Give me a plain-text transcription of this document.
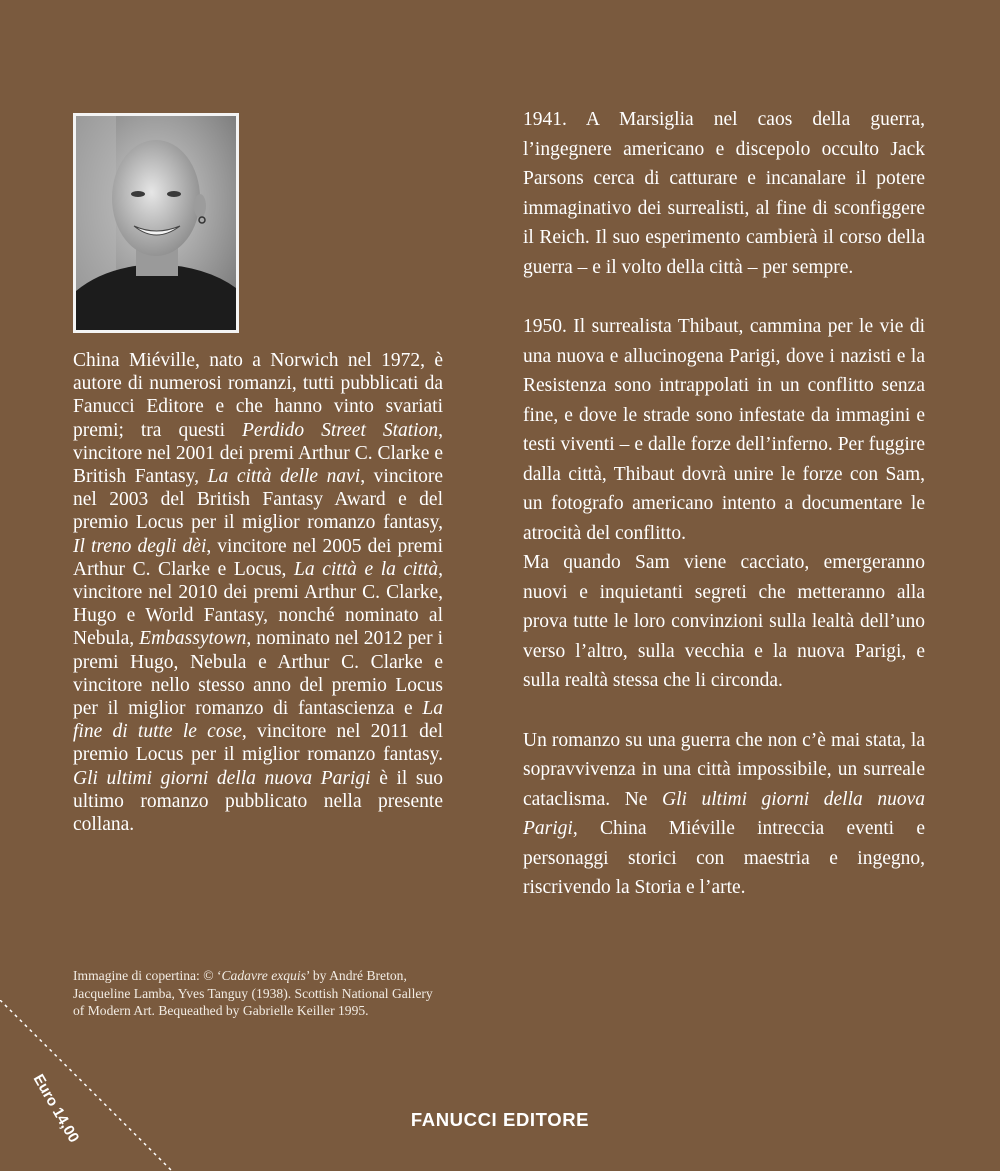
China Miéville, nato a Norwich nel 1972, è autore di numerosi romanzi, tutti pubblicati da Fanucci Editore e che hanno vinto svariati premi; tra questi Perdido Street Station, vincitore nel 2001 dei premi Arthur C. Clarke e British Fantasy, La città delle navi, vincitore nel 2003 del British Fantasy Award e del premio Locus per il miglior romanzo fantasy, Il treno degli dèi, vincitore nel 2005 dei premi Arthur C. Clarke e Locus, La città e la città, vincitore nel 2010 dei premi Arthur C. Clarke, Hugo e World Fantasy, nonché nominato al Nebula, Embassytown, nominato nel 2012 per i premi Hugo, Nebula e Arthur C. Clarke e vincitore nello stesso anno del premio Locus per il miglior romanzo di fantascienza e La fine di tutte le cose, vincitore nel 2011 del premio Locus per il miglior romanzo fantasy. Gli ultimi giorni della nuova Parigi è il suo ultimo romanzo pubblicato nella presente collana.
Immagine di copertina: © ‘Cadavre exquis’ by André Breton, Jacqueline Lamba, Yves Tanguy (1938). Scottish National Gallery of Modern Art. Bequeathed by Gabrielle Keiller 1995.

1941. A Marsiglia nel caos della guerra, l’ingegnere americano e discepolo occulto Jack Parsons cerca di catturare e incanalare il potere immaginativo dei surrealisti, al fine di sconfiggere il Reich. Il suo esperimento cambierà il corso della guerra – e il volto della città – per sempre.

1950. Il surrealista Thibaut, cammina per le vie di una nuova e allucinogena Parigi, dove i nazisti e la Resistenza sono intrappolati in un conflitto senza fine, e dove le strade sono infestate da immagini e testi viventi – e dalle forze dell’inferno. Per fuggire dalla città, Thibaut dovrà unire le forze con Sam, un fotografo americano intento a documentare le atrocità del conflitto.

Ma quando Sam viene cacciato, emergeranno nuovi e inquietanti segreti che metteranno alla prova tutte le loro convinzioni sulla lealtà dell’uno verso l’altro, sulla vecchia e la nuova Parigi, e sulla realtà stessa che li circonda.

Un romanzo su una guerra che non c’è mai stata, la sopravvivenza in una città impossibile, un surreale cataclisma. Ne Gli ultimi giorni della nuova Parigi, China Miéville intreccia eventi e personaggi storici con maestria e ingegno, riscrivendo la Storia e l’arte.

FANUCCI EDITORE
Euro 14,00
